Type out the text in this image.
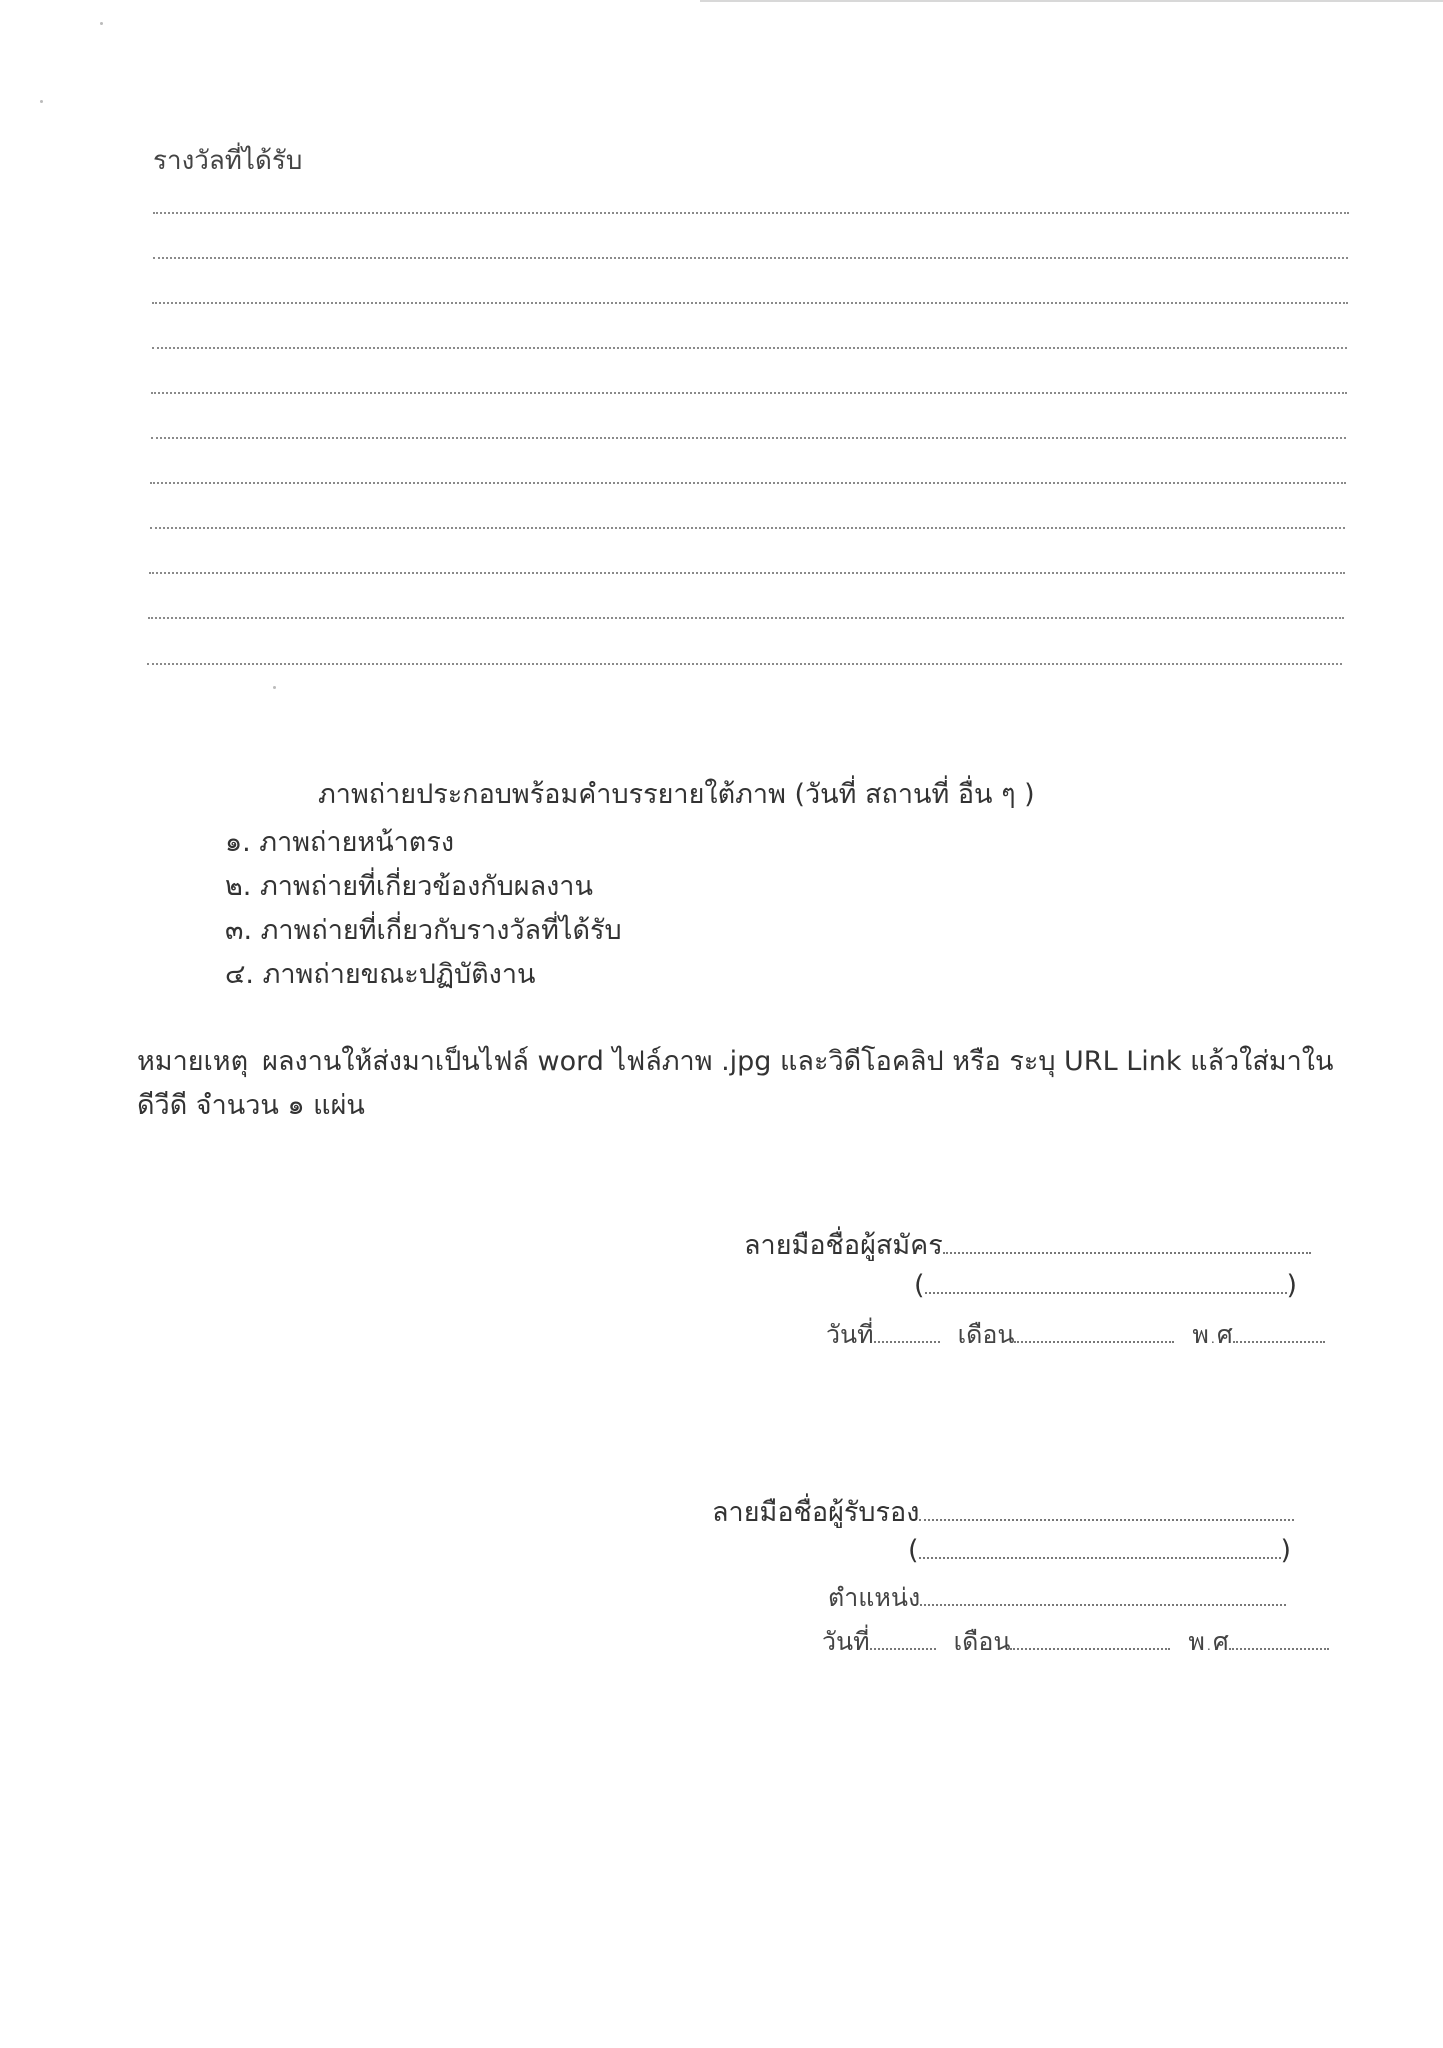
รางวัลที่ได้รับ
ภาพถ่ายประกอบพร้อมคำบรรยายใต้ภาพ (วันที่ สถานที่ อื่น ๆ )
๑. ภาพถ่ายหน้าตรง
๒. ภาพถ่ายที่เกี่ยวข้องกับผลงาน
๓. ภาพถ่ายที่เกี่ยวกับรางวัลที่ได้รับ
๔. ภาพถ่ายขณะปฏิบัติงาน
หมายเหตุ ผลงานให้ส่งมาเป็นไฟล์ word ไฟล์ภาพ .jpg และวิดีโอคลิป หรือ ระบุ URL Link แล้วใส่มาในดีวีดี จำนวน ๑ แผ่น
ลายมือชื่อผู้สมัคร
(	)
วันที่	เดือน	พ.ศ
ลายมือชื่อผู้รับรอง
(	)
ตำแหน่ง
วันที่	เดือน	พ.ศ
